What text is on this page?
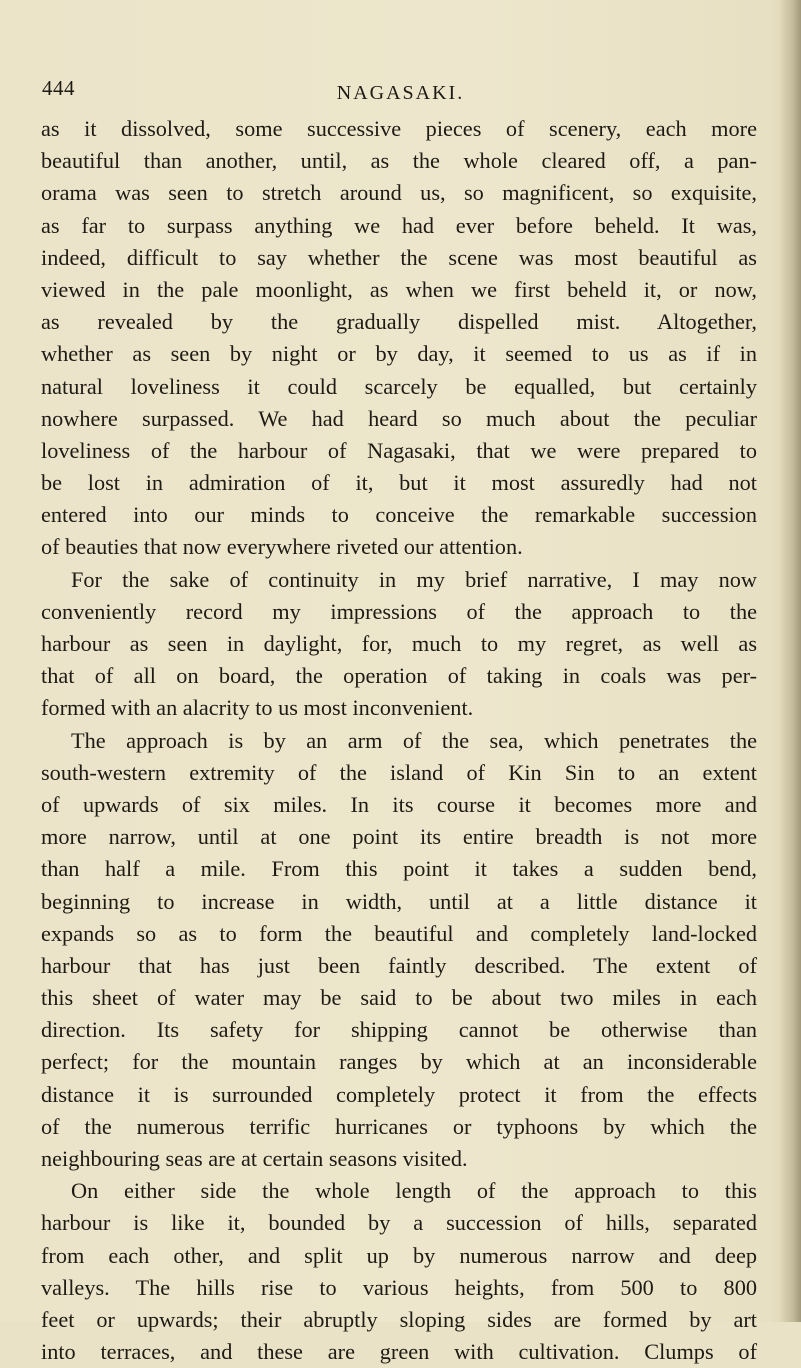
444	NAGASAKI.
as it dissolved, some successive pieces of scenery, each more
beautiful than another, until, as the whole cleared off, a pan-
orama was seen to stretch around us, so magnificent, so exquisite,
as far to surpass anything we had ever before beheld. It was,
indeed, difficult to say whether the scene was most beautiful as
viewed in the pale moonlight, as when we first beheld it, or now,
as revealed by the gradually dispelled mist. Altogether,
whether as seen by night or by day, it seemed to us as if in
natural loveliness it could scarcely be equalled, but certainly
nowhere surpassed. We had heard so much about the peculiar
loveliness of the harbour of Nagasaki, that we were prepared to
be lost in admiration of it, but it most assuredly had not
entered into our minds to conceive the remarkable succession
of beauties that now everywhere riveted our attention.
For the sake of continuity in my brief narrative, I may now
conveniently record my impressions of the approach to the
harbour as seen in daylight, for, much to my regret, as well as
that of all on board, the operation of taking in coals was per-
formed with an alacrity to us most inconvenient.
The approach is by an arm of the sea, which penetrates the
south-western extremity of the island of Kin Sin to an extent
of upwards of six miles. In its course it becomes more and
more narrow, until at one point its entire breadth is not more
than half a mile. From this point it takes a sudden bend,
beginning to increase in width, until at a little distance it
expands so as to form the beautiful and completely land-locked
harbour that has just been faintly described. The extent of
this sheet of water may be said to be about two miles in each
direction. Its safety for shipping cannot be otherwise than
perfect; for the mountain ranges by which at an inconsiderable
distance it is surrounded completely protect it from the effects
of the numerous terrific hurricanes or typhoons by which the
neighbouring seas are at certain seasons visited.
On either side the whole length of the approach to this
harbour is like it, bounded by a succession of hills, separated
from each other, and split up by numerous narrow and deep
valleys. The hills rise to various heights, from 500 to 800
feet or upwards; their abruptly sloping sides are formed by art
into terraces, and these are green with cultivation. Clumps of
